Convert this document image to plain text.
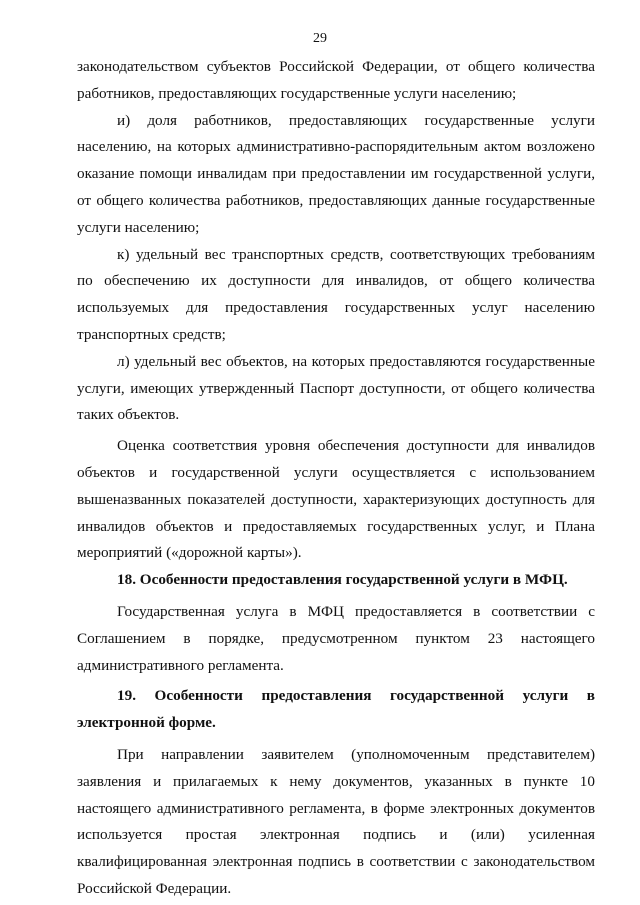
29

законодательством субъектов Российской Федерации, от общего количества работников, предоставляющих государственные услуги населению;

и) доля работников, предоставляющих государственные услуги населению, на которых административно-распорядительным актом возложено оказание помощи инвалидам при предоставлении им государственной услуги, от общего количества работников, предоставляющих данные государственные услуги населению;

к) удельный вес транспортных средств, соответствующих требованиям по обеспечению их доступности для инвалидов, от общего количества используемых для предоставления государственных услуг населению транспортных средств;

л) удельный вес объектов, на которых предоставляются государственные услуги, имеющих утвержденный Паспорт доступности, от общего количества таких объектов.

Оценка соответствия уровня обеспечения доступности для инвалидов объектов и государственной услуги осуществляется с использованием вышеназванных показателей доступности, характеризующих доступность для инвалидов объектов и предоставляемых государственных услуг, и Плана мероприятий («дорожной карты»).

18. Особенности предоставления государственной услуги в МФЦ.

Государственная услуга в МФЦ предоставляется в соответствии с Соглашением в порядке, предусмотренном пунктом 23 настоящего административного регламента.

19. Особенности предоставления государственной услуги в электронной форме.

При направлении заявителем (уполномоченным представителем) заявления и прилагаемых к нему документов, указанных в пункте 10 настоящего административного регламента, в форме электронных документов используется простая электронная подпись и (или) усиленная квалифицированная электронная подпись в соответствии с законодательством Российской Федерации.
